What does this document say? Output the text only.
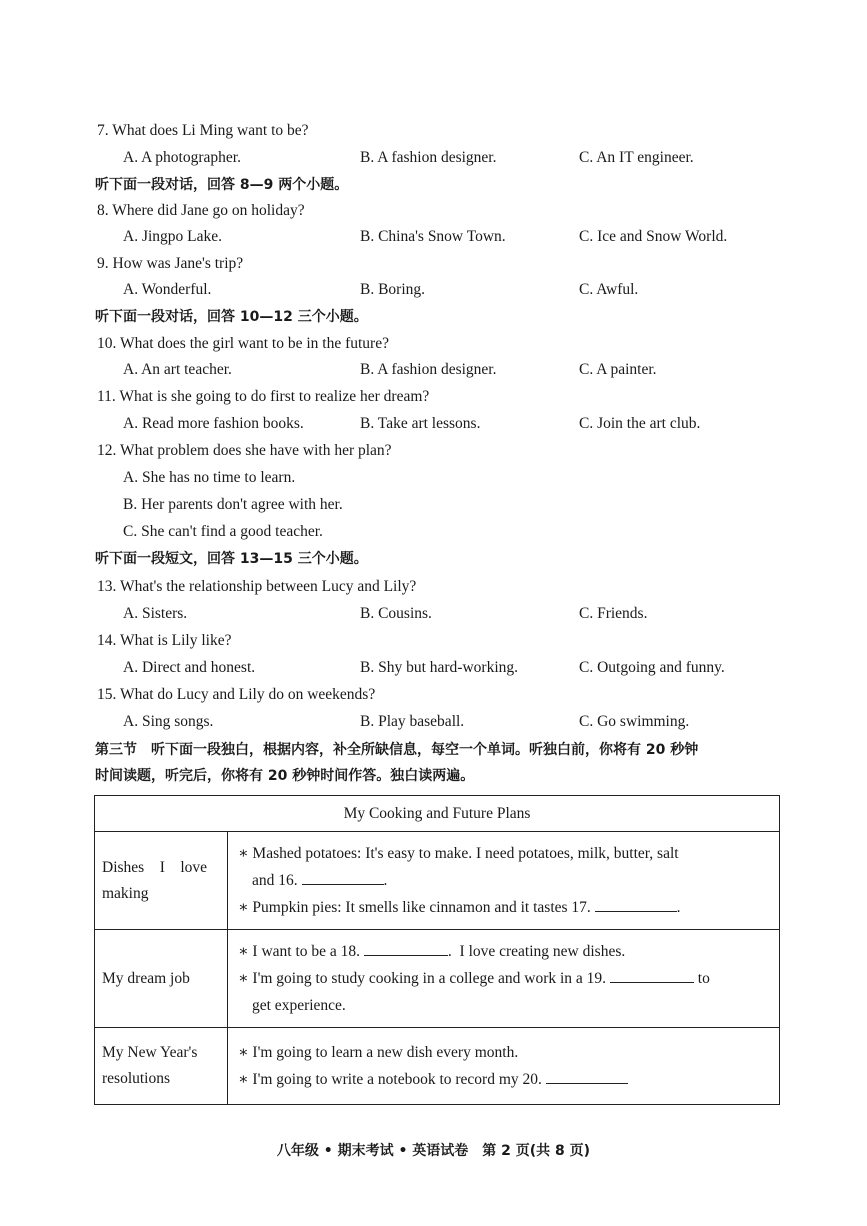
7. What does Li Ming want to be?
A. A photographer.	B. A fashion designer.	C. An IT engineer.
听下面一段对话，回答 8—9 两个小题。
8. Where did Jane go on holiday?
A. Jingpo Lake.	B. China's Snow Town.	C. Ice and Snow World.
9. How was Jane's trip?
A. Wonderful.	B. Boring.	C. Awful.
听下面一段对话，回答 10—12 三个小题。
10. What does the girl want to be in the future?
A. An art teacher.	B. A fashion designer.	C. A painter.
11. What is she going to do first to realize her dream?
A. Read more fashion books.	B. Take art lessons.	C. Join the art club.
12. What problem does she have with her plan?
A. She has no time to learn.
B. Her parents don't agree with her.
C. She can't find a good teacher.
听下面一段短文，回答 13—15 三个小题。
13. What's the relationship between Lucy and Lily?
A. Sisters.	B. Cousins.	C. Friends.
14. What is Lily like?
A. Direct and honest.	B. Shy but hard-working.	C. Outgoing and funny.
15. What do Lucy and Lily do on weekends?
A. Sing songs.	B. Play baseball.	C. Go swimming.
第三节　听下面一段独白，根据内容，补全所缺信息，每空一个单词。听独白前，你将有 20 秒钟
时间读题，听完后，你将有 20 秒钟时间作答。独白读两遍。
My Cooking and Future Plans	
Dishes　I　love making	∗ Mashed potatoes: It's easy to make. I need potatoes, milk, butter, salt
and 16. .
∗ Pumpkin pies: It smells like cinnamon and it tastes 17. .

My dream job	∗ I want to be a 18. .  I love creating new dishes.
∗ I'm going to study cooking in a college and work in a 19. to
get experience.

My New Year's resolutions	∗ I'm going to learn a new dish every month.
∗ I'm going to write a notebook to record my 20.
八年级 • 期末考试 • 英语试卷　第 2 页(共 8 页)
